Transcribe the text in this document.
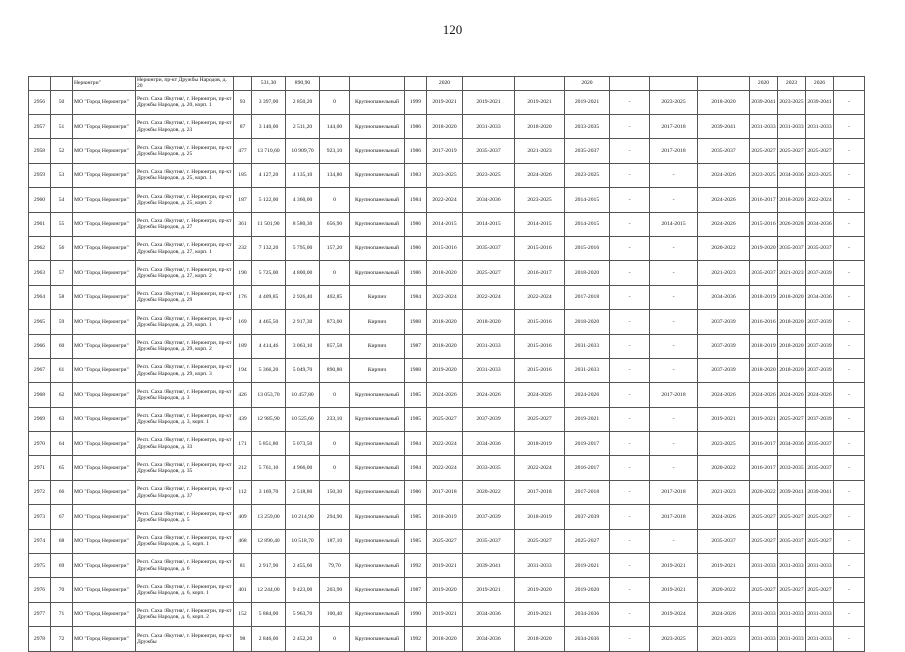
120
		Нерюнгри"	Нерюнгри, пр-кт Дружбы Народов, д. 20		531,30	890,90				2020			2020				2020	2023	2026	
2956	50	МО "Город Нерюнгри"	Респ. Саха /Якутия/, г. Нерюнгри, пр-кт Дружбы Народов, д. 20, корп. 1	93	3 397,00	2 850,20	0	Крупнопанельный	1999	2019-2021	2019-2021	2019-2021	2019-2021	-	2023-2025	2018-2020	2039-2041	2023-2025	2039-2041	-
2957	51	МО "Город Нерюнгри"	Респ. Саха /Якутия/, г. Нерюнгри, пр-кт Дружбы Народов, д. 23	87	3 140,00	2 511,20	144,00	Крупнопанельный	1986	2018-2020	2031-2033	2018-2020	2033-2035	-	2017-2018	2039-2041	2031-2033	2031-2033	2031-2033	-
2958	52	МО "Город Нерюнгри"	Респ. Саха /Якутия/, г. Нерюнгри, пр-кт Дружбы Народов, д. 25	477	13 710,60	10 909,70	923,10	Крупнопанельный	1986	2017-2019	2035-2037	2021-2023	2035-2037	-	2017-2018	2035-2037	2025-2027	2025-2027	2025-2027	-
2959	53	МО "Город Нерюнгри"	Респ. Саха /Якутия/, г. Нерюнгри, пр-кт Дружбы Народов, д. 25, корп. 1	185	4 127,20	4 135,10	134,80	Крупнопанельный	1983	2023-2025	2023-2025	2024-2026	2023-2025	-	-	2024-2026	2023-2025	2034-2036	2023-2025	-
2960	54	МО "Город Нерюнгри"	Респ. Саха /Якутия/, г. Нерюнгри, пр-кт Дружбы Народов, д. 25, корп. 2	187	5 122,00	4 360,00	0	Крупнопанельный	1984	2022-2024	2034-2036	2023-2025	2014-2015	-	-	2024-2026	2016-2017	2018-2020	2022-2024	-
2961	55	МО "Город Нерюнгри"	Респ. Саха /Якутия/, г. Нерюнгри, пр-кт Дружбы Народов, д. 27	361	11 501,90	8 580,30	656,90	Крупнопанельный	1986	2014-2015	2014-2015	2014-2015	2014-2015	-	2014-2015	2024-2026	2015-2016	2026-2028	2034-2036	-
2962	56	МО "Город Нерюнгри"	Респ. Саха /Якутия/, г. Нерюнгри, пр-кт Дружбы Народов, д. 27, корп. 1	232	7 132,20	5 795,00	157,20	Крупнопанельный	1986	2015-2016	2035-2037	2015-2016	2015-2016	-	-	2020-2022	2019-2020	2035-2037	2035-2037	-
2963	57	МО "Город Нерюнгри"	Респ. Саха /Якутия/, г. Нерюнгри, пр-кт Дружбы Народов, д. 27, корп. 2	190	5 725,00	4 800,00	0	Крупнопанельный	1986	2018-2020	2025-2027	2016-2017	2018-2020	-	-	2021-2023	2035-2037	2021-2023	2037-2039	-
2964	58	МО "Город Нерюнгри"	Респ. Саха /Якутия/, г. Нерюнгри, пр-кт Дружбы Народов, д. 29	176	4 409,85	2 926,40	402,85	Кирпич	1984	2022-2024	2022-2024	2022-2024	2017-2018	-	-	2034-2036	2018-2019	2018-2020	2034-2036	-
2965	59	МО "Город Нерюнгри"	Респ. Саха /Якутия/, г. Нерюнгри, пр-кт Дружбы Народов, д. 29, корп. 1	169	4 465,50	2 917,30	873,00	Кирпич	1988	2018-2020	2018-2020	2015-2016	2018-2020	-	-	2037-2039	2016-2016	2018-2020	2037-2039	-
2966	60	МО "Город Нерюнгри"	Респ. Саха /Якутия/, г. Нерюнгри, пр-кт Дружбы Народов, д. 29, корп. 2	189	4 414,46	3 063,10	857,58	Кирпич	1987	2018-2020	2031-2033	2015-2016	2031-2033	-	-	2037-2039	2018-2019	2018-2020	2037-2039	-
2967	61	МО "Город Нерюнгри"	Респ. Саха /Якутия/, г. Нерюнгри, пр-кт Дружбы Народов, д. 29, корп. 3	194	5 366,20	5 049,70	890,80	Кирпич	1988	2019-2020	2031-2033	2015-2016	2031-2033	-	-	2037-2039	2018-2020	2018-2020	2037-2039	-
2968	62	МО "Город Нерюнгри"	Респ. Саха /Якутия/, г. Нерюнгри, пр-кт Дружбы Народов, д. 3	426	13 053,70	10 457,80	0	Крупнопанельный	1985	2024-2026	2024-2026	2024-2026	2024-2026	-	2017-2018	2024-2026	2024-2026	2024-2026	2024-2026	-
2969	63	МО "Город Нерюнгри"	Респ. Саха /Якутия/, г. Нерюнгри, пр-кт Дружбы Народов, д. 3, корп. 1	439	12 985,90	10 525,60	233,10	Крупнопанельный	1985	2025-2027	2037-2039	2025-2027	2019-2021	-	-	2019-2021	2019-2021	2025-2027	2037-2039	-
2970	64	МО "Город Нерюнгри"	Респ. Саха /Якутия/, г. Нерюнгри, пр-кт Дружбы Народов, д. 33	171	5 851,80	5 073,50	0	Крупнопанельный	1984	2022-2024	2034-2036	2018-2019	2019-2017	-	-	2023-2025	2016-2017	2034-2036	2035-2037	-
2971	65	МО "Город Нерюнгри"	Респ. Саха /Якутия/, г. Нерюнгри, пр-кт Дружбы Народов, д. 35	212	5 761,10	4 966,00	0	Крупнопанельный	1984	2022-2024	2033-2035	2022-2024	2016-2017	-	-	2020-2022	2016-2017	2033-2035	2035-2037	-
2972	66	МО "Город Нерюнгри"	Респ. Саха /Якутия/, г. Нерюнгри, пр-кт Дружбы Народов, д. 37	112	3 169,70	2 518,80	150,30	Крупнопанельный	1986	2017-2018	2020-2022	2017-2018	2017-2018	-	2017-2018	2021-2023	2020-2022	2039-2041	2039-2041	-
2973	67	МО "Город Нерюнгри"	Респ. Саха /Якутия/, г. Нерюнгри, пр-кт Дружбы Народов, д. 5	409	13 259,00	10 214,90	294,90	Крупнопанельный	1985	2018-2019	2037-2039	2018-2019	2037-2039	-	2017-2018	2024-2026	2025-2027	2025-2027	2025-2027	-
2974	68	МО "Город Нерюнгри"	Респ. Саха /Якутия/, г. Нерюнгри, пр-кт Дружбы Народов, д. 5, корп. 1	468	12 890,40	10 518,70	187,10	Крупнопанельный	1985	2025-2027	2035-2037	2025-2027	2025-2027	-	-	2035-2037	2025-2027	2035-2037	2025-2027	-
2975	69	МО "Город Нерюнгри"	Респ. Саха /Якутия/, г. Нерюнгри, пр-кт Дружбы Народов, д. 6	81	2 917,90	2 455,60	79,70	Крупнопанельный	1992	2019-2021	2039-2041	2031-2033	2019-2021	-	2019-2021	2019-2021	2031-2033	2031-2033	2031-2033	-
2976	70	МО "Город Нерюнгри"	Респ. Саха /Якутия/, г. Нерюнгри, пр-кт Дружбы Народов, д. 6, корп. 1	401	12 244,00	9 423,00	203,90	Крупнопанельный	1987	2019-2020	2019-2021	2019-2020	2019-2020	-	2019-2021	2020-2022	2025-2027	2025-2027	2025-2027	-
2977	71	МО "Город Нерюнгри"	Респ. Саха /Якутия/, г. Нерюнгри, пр-кт Дружбы Народов, д. 6, корп. 2	152	5 884,00	5 963,70	100,40	Крупнопанельный	1990	2019-2021	2034-2036	2019-2021	2034-2036	-	2019-2024	2024-2026	2031-2033	2031-2033	2031-2033	-
2978	72	МО "Город Нерюнгри"	Респ. Саха /Якутия/, г. Нерюнгри, пр-кт Дружбы	98	2 846,00	2 452,20	0	Крупнопанельный	1992	2018-2020	2034-2036	2018-2020	2034-2036	-	2023-2025	2021-2023	2031-2033	2031-2033	2031-2033	-
